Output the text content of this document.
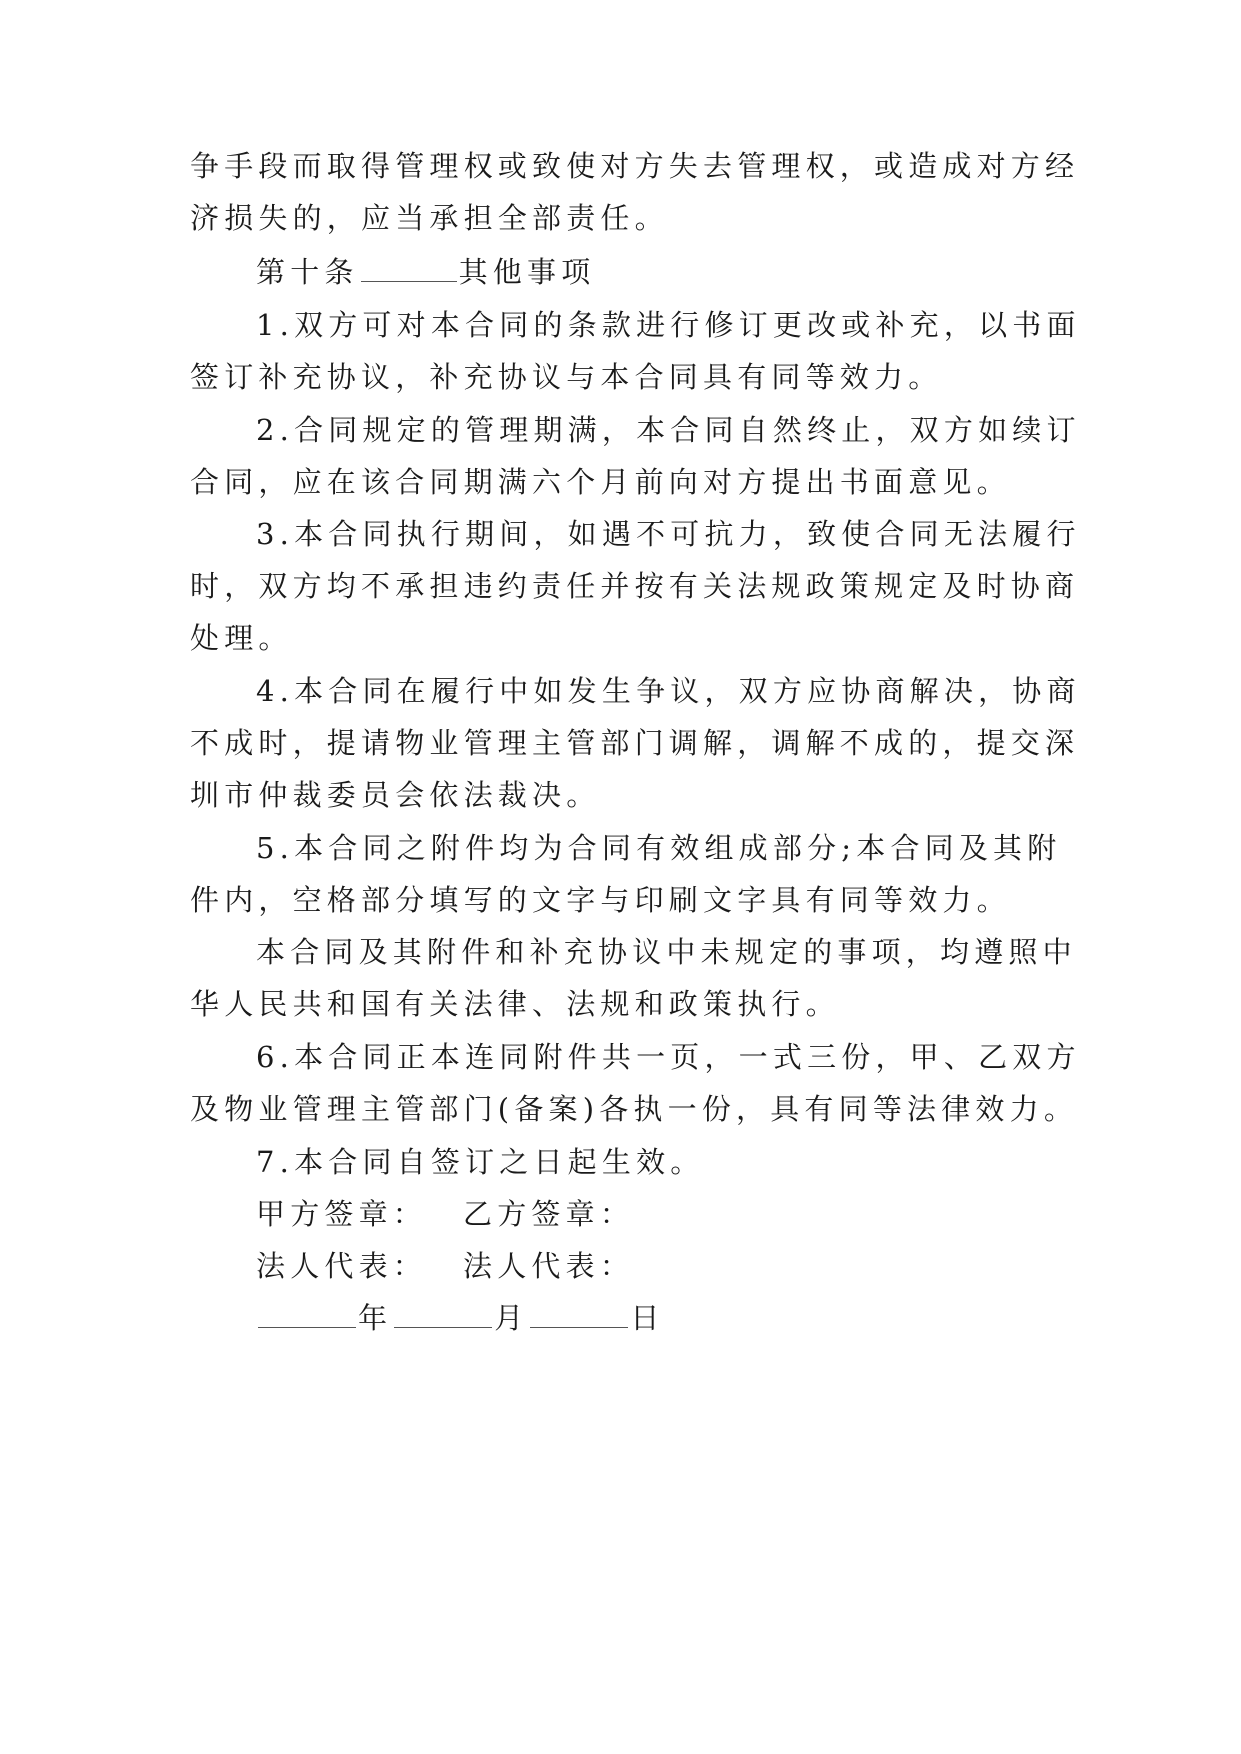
争手段而取得管理权或致使对方失去管理权，或造成对方经
济损失的，应当承担全部责任。
第十条	其他事项
1.双方可对本合同的条款进行修订更改或补充，以书面
签订补充协议，补充协议与本合同具有同等效力。
2.合同规定的管理期满，本合同自然终止，双方如续订
合同，应在该合同期满六个月前向对方提出书面意见。
3.本合同执行期间，如遇不可抗力，致使合同无法履行
时，双方均不承担违约责任并按有关法规政策规定及时协商
处理。
4.本合同在履行中如发生争议，双方应协商解决，协商
不成时，提请物业管理主管部门调解，调解不成的，提交深
圳市仲裁委员会依法裁决。
5.本合同之附件均为合同有效组成部分;本合同及其附
件内，空格部分填写的文字与印刷文字具有同等效力。
本合同及其附件和补充协议中未规定的事项，均遵照中
华人民共和国有关法律、法规和政策执行。
6.本合同正本连同附件共一页，一式三份，甲、乙双方
及物业管理主管部门(备案)各执一份，具有同等法律效力。
7.本合同自签订之日起生效。
甲方签章： 乙方签章：
法人代表： 法人代表：
年	月	日
